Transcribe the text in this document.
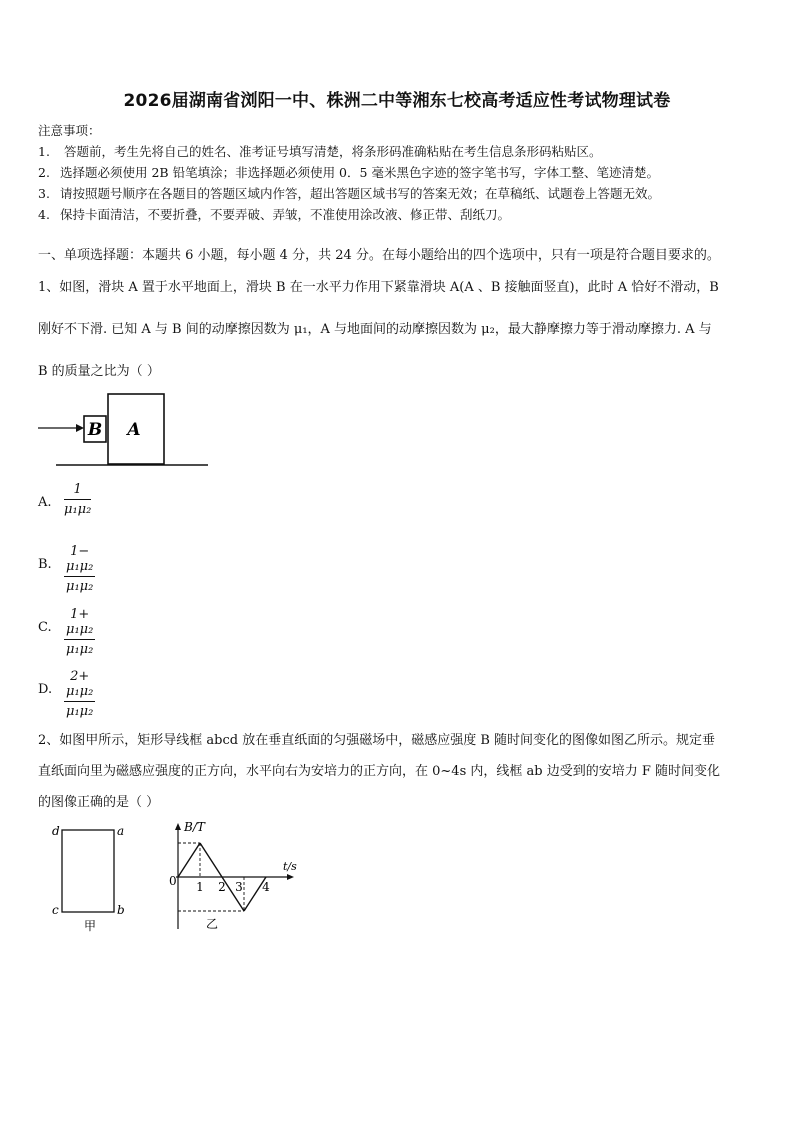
2026届湖南省浏阳一中、株洲二中等湘东七校高考适应性考试物理试卷
注意事项：
1. 答题前，考生先将自己的姓名、准考证号填写清楚，将条形码准确粘贴在考生信息条形码粘贴区。
2. 选择题必须使用 2B 铅笔填涂；非选择题必须使用 0．5 毫米黑色字迹的签字笔书写，字体工整、笔迹清楚。
3. 请按照题号顺序在各题目的答题区域内作答，超出答题区域书写的答案无效；在草稿纸、试题卷上答题无效。
4. 保持卡面清洁，不要折叠，不要弄破、弄皱，不准使用涂改液、修正带、刮纸刀。
一、单项选择题：本题共 6 小题，每小题 4 分，共 24 分。在每小题给出的四个选项中，只有一项是符合题目要求的。
1、如图，滑块 A 置于水平地面上，滑块 B 在一水平力作用下紧靠滑块 A(A 、B 接触面竖直)，此时 A 恰好不滑动，B
刚好不下滑. 已知 A 与 B 间的动摩擦因数为 μ₁，A 与地面间的动摩擦因数为 μ₂，最大静摩擦力等于滑动摩擦力. A 与
B 的质量之比为（ ）
B A
A. $\frac{1}{\text{μ₁μ₂}}$
B. $\frac{\text{1− μ₁μ₂}}{\text{μ₁μ₂}}$
C. $\frac{\text{1+ μ₁μ₂}}{\text{μ₁μ₂}}$
D. $\frac{\text{2+ μ₁μ₂}}{\text{μ₁μ₂}}$
2、如图甲所示，矩形导线框 abcd 放在垂直纸面的匀强磁场中，磁感应强度 B 随时间变化的图像如图乙所示。规定垂
直纸面向里为磁感应强度的正方向，水平向右为安培力的正方向，在 0~4s 内，线框 ab 边受到的安培力 F 随时间变化
的图像正确的是（ ）
d	a
c	b
甲
B/T
t/s
0 1 2 3 4
乙
